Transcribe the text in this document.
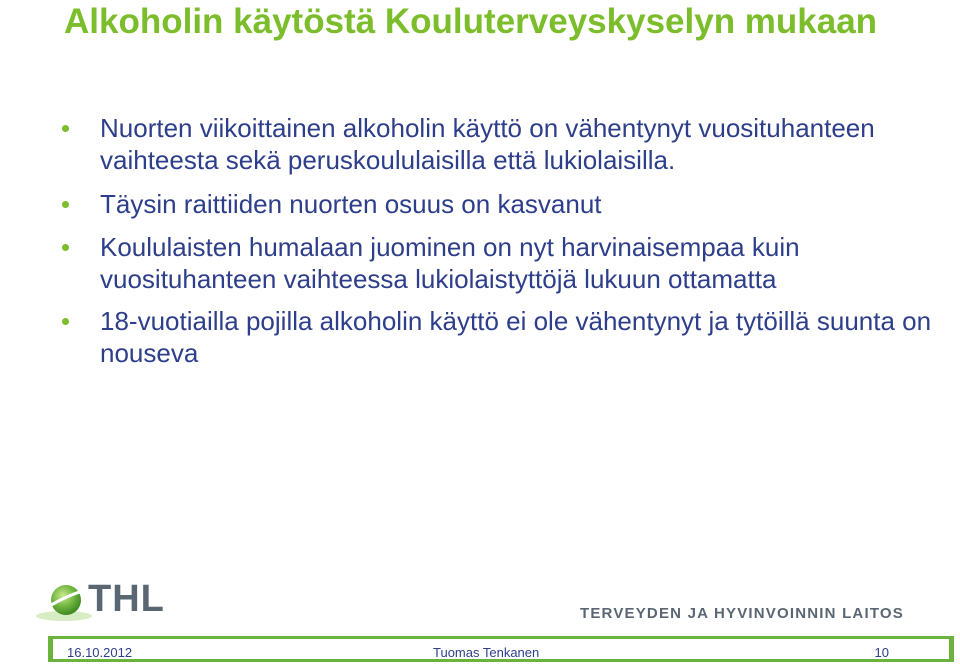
Alkoholin käytöstä Kouluterveyskyselyn mukaan
Nuorten viikoittainen alkoholin käyttö on vähentynyt vuosituhanteen vaihteesta sekä peruskoululaisilla että lukiolaisilla.
Täysin raittiiden nuorten osuus on kasvanut
Koululaisten humalaan juominen on nyt harvinaisempaa kuin vuosituhanteen vaihteessa lukiolaistyttöjä lukuun ottamatta
18-vuotiailla pojilla alkoholin käyttö ei ole vähentynyt ja tytöillä suunta on nouseva
THL	TERVEYDEN JA HYVINVOINNIN LAITOS
16.10.2012	Tuomas Tenkanen	10
